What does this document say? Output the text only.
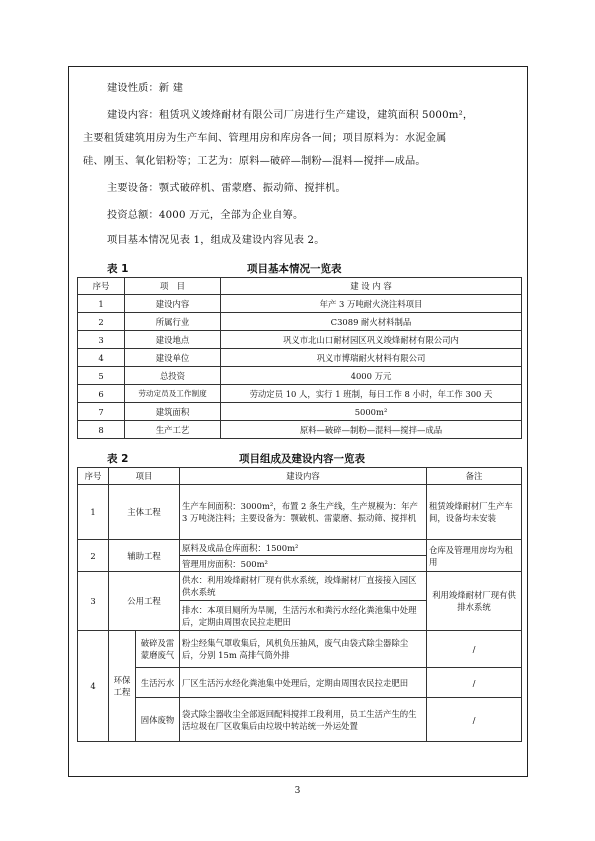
建设性质：新 建
建设内容：租赁巩义竣烽耐材有限公司厂房进行生产建设，建筑面积 5000m²，
主要租赁建筑用房为生产车间、管理用房和库房各一间；项目原料为：水泥金属
硅、刚玉、氧化铝粉等；工艺为：原料—破碎—制粉—混料—搅拌—成品。
主要设备：颚式破碎机、雷蒙磨、振动筛、搅拌机。
投资总额：4000 万元，全部为企业自筹。
项目基本情况见表 1，组成及建设内容见表 2。
表 1	项目基本情况一览表
序号	项　目	建 设 内 容
1	建设内容	年产 3 万吨耐火浇注料项目
2	所属行业	C3089 耐火材料制品
3	建设地点	巩义市北山口耐材园区巩义竣烽耐材有限公司内
4	建设单位	巩义市博瑞耐火材料有限公司
5	总投资	4000 万元
6	劳动定员及工作制度	劳动定员 10 人，实行 1 班制，每日工作 8 小时，年工作 300 天
7	建筑面积	5000m²
8	生产工艺	原料—破碎—制粉—混料—搅拌—成品
表 2	项目组成及建设内容一览表
序号	项目		建设内容	备注
1	主体工程		生产车间面积：3000m²，布置 2 条生产线，生产规模为：年产 3 万吨浇注料；主要设备为：颚破机、雷蒙磨、振动筛、搅拌机	租赁竣烽耐材厂生产车间，设备均未安装
2	辅助工程		原料及成品仓库面积：1500m²	仓库及管理用房均为租用
			管理用房面积：500m²	
3	公用工程		供水：利用竣烽耐材厂现有供水系统，竣烽耐材厂直接接入园区供水系统	利用竣烽耐材厂现有供排水系统
			排水：本项目厕所为旱厕，生活污水和粪污水经化粪池集中处理后，定期由周围农民拉走肥田	
4	环保工程	破碎及雷蒙磨废气	粉尘经集气罩收集后，风机负压抽风，废气由袋式除尘器除尘后，分别 15m 高排气筒外排	/
		生活污水	厂区生活污水经化粪池集中处理后，定期由周围农民拉走肥田	/
		固体废物	袋式除尘器收尘全部返回配料搅拌工段利用，员工生活产生的生活垃圾在厂区收集后由垃圾中转站统一外运处置	/
3
